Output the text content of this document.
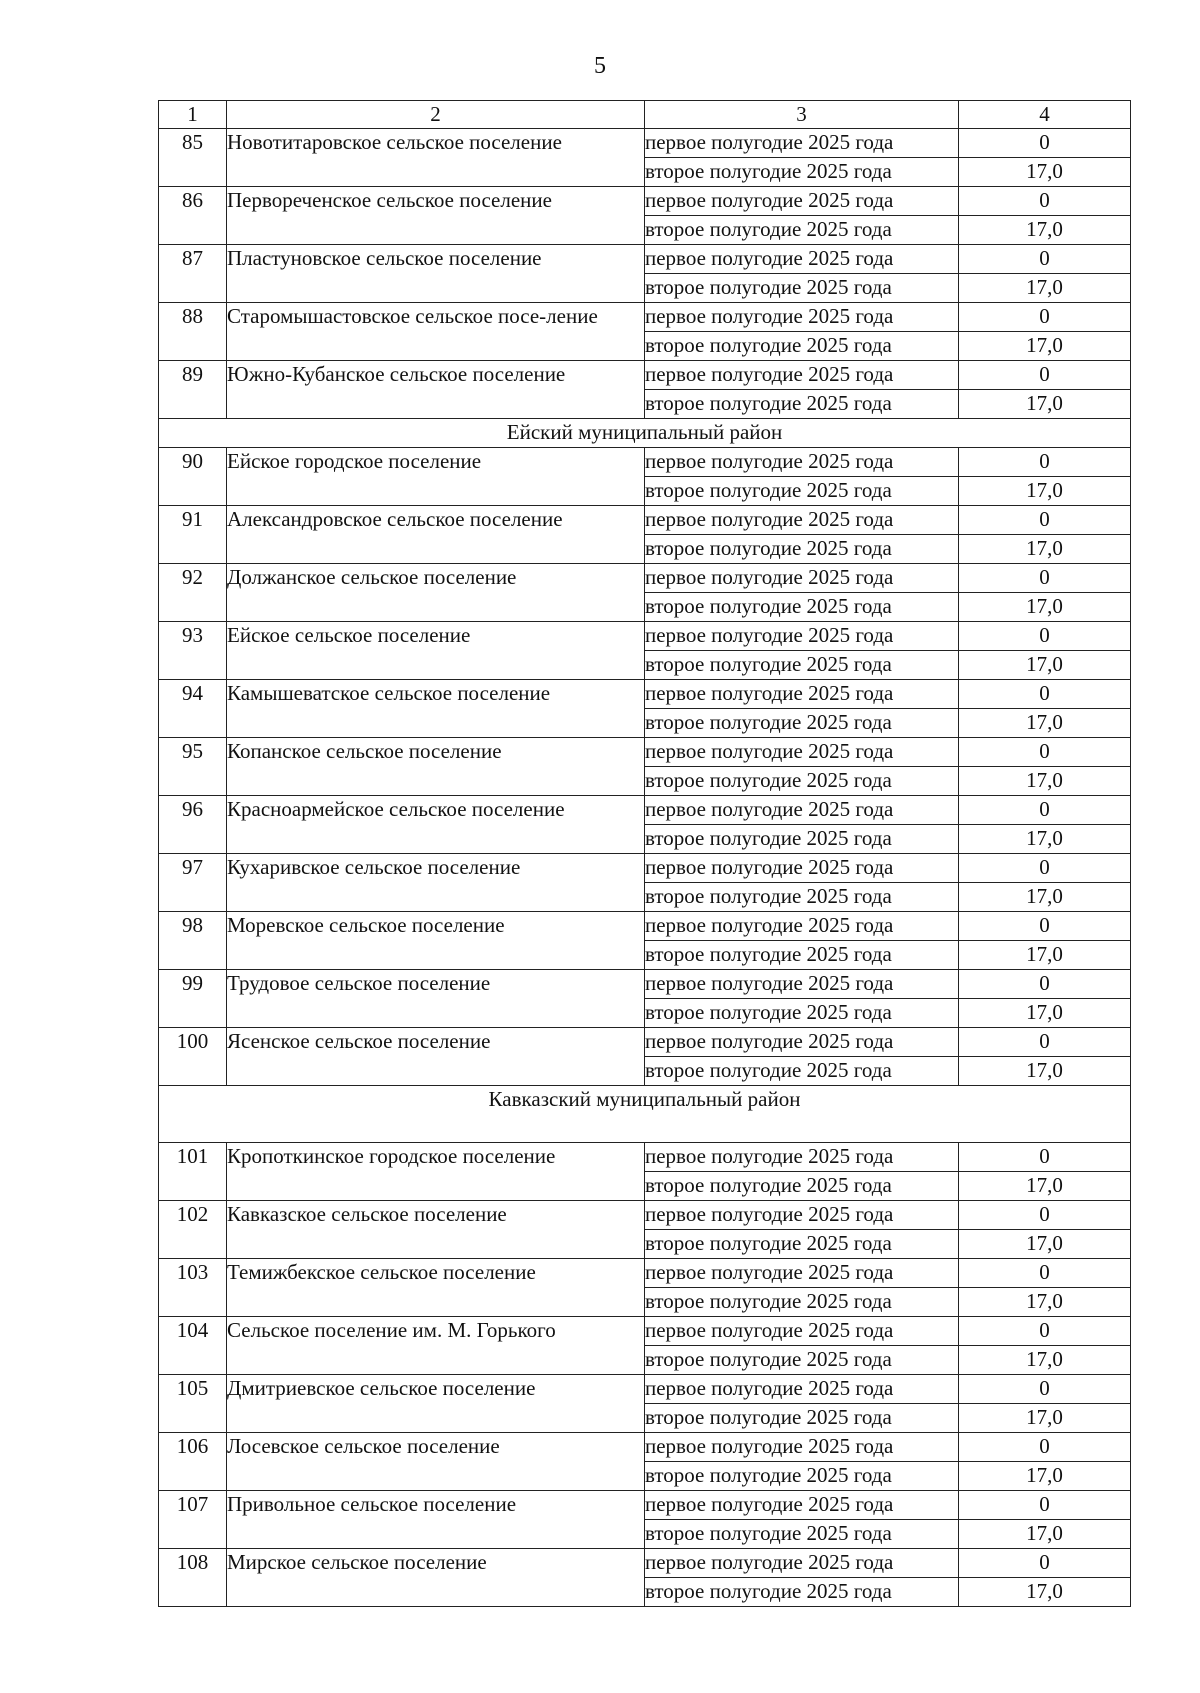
5
1	2	3	4
85	Новотитаровское сельское поселение	первое полугодие 2025 года	0
		второе полугодие 2025 года	17,0
86	Перворечeнское сельское поселение	первое полугодие 2025 года	0
		второе полугодие 2025 года	17,0
87	Пластуновское сельское поселение	первое полугодие 2025 года	0
		второе полугодие 2025 года	17,0
88	Старомышастовское сельское посе-ление	первое полугодие 2025 года	0
		второе полугодие 2025 года	17,0
89	Южно-Кубанское сельское поселение	первое полугодие 2025 года	0
		второе полугодие 2025 года	17,0
Ейский муниципальный район			
90	Ейское городское поселение	первое полугодие 2025 года	0
		второе полугодие 2025 года	17,0
91	Александровское сельское поселение	первое полугодие 2025 года	0
		второе полугодие 2025 года	17,0
92	Должанское сельское поселение	первое полугодие 2025 года	0
		второе полугодие 2025 года	17,0
93	Ейское сельское поселение	первое полугодие 2025 года	0
		второе полугодие 2025 года	17,0
94	Камышеватское сельское поселение	первое полугодие 2025 года	0
		второе полугодие 2025 года	17,0
95	Копанское сельское поселение	первое полугодие 2025 года	0
		второе полугодие 2025 года	17,0
96	Красноармейское сельское поселение	первое полугодие 2025 года	0
		второе полугодие 2025 года	17,0
97	Кухаривское сельское поселение	первое полугодие 2025 года	0
		второе полугодие 2025 года	17,0
98	Моревское сельское поселение	первое полугодие 2025 года	0
		второе полугодие 2025 года	17,0
99	Трудовое сельское поселение	первое полугодие 2025 года	0
		второе полугодие 2025 года	17,0
100	Ясенское сельское поселение	первое полугодие 2025 года	0
		второе полугодие 2025 года	17,0
Кавказский муниципальный район			
101	Кропоткинское городское поселение	первое полугодие 2025 года	0
		второе полугодие 2025 года	17,0
102	Кавказское сельское поселение	первое полугодие 2025 года	0
		второе полугодие 2025 года	17,0
103	Темижбекское сельское поселение	первое полугодие 2025 года	0
		второе полугодие 2025 года	17,0
104	Сельское поселение им. М. Горького	первое полугодие 2025 года	0
		второе полугодие 2025 года	17,0
105	Дмитриевское сельское поселение	первое полугодие 2025 года	0
		второе полугодие 2025 года	17,0
106	Лосевское сельское поселение	первое полугодие 2025 года	0
		второе полугодие 2025 года	17,0
107	Привольное сельское поселение	первое полугодие 2025 года	0
		второе полугодие 2025 года	17,0
108	Мирское сельское поселение	первое полугодие 2025 года	0
		второе полугодие 2025 года	17,0
